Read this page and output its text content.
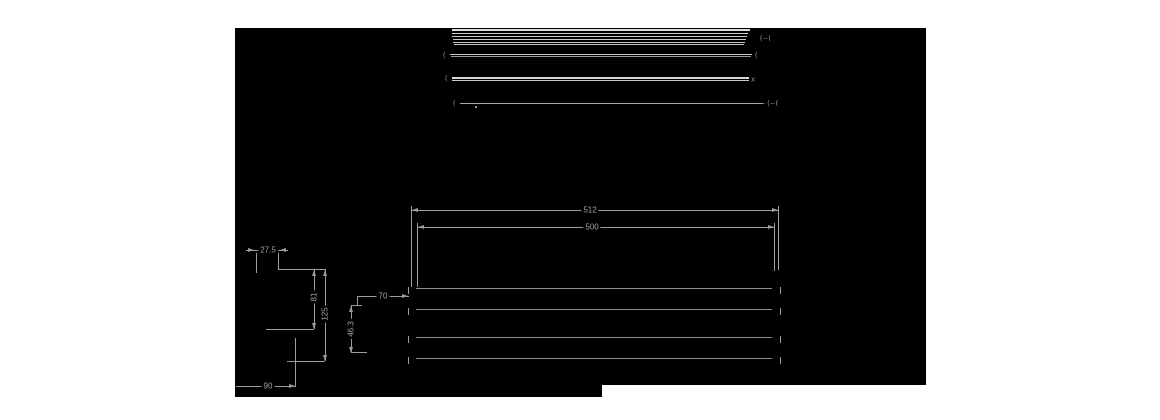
(—(
(	(
(	x
(	-(—(
512
500
27.5
81
125
70
46.3
90
